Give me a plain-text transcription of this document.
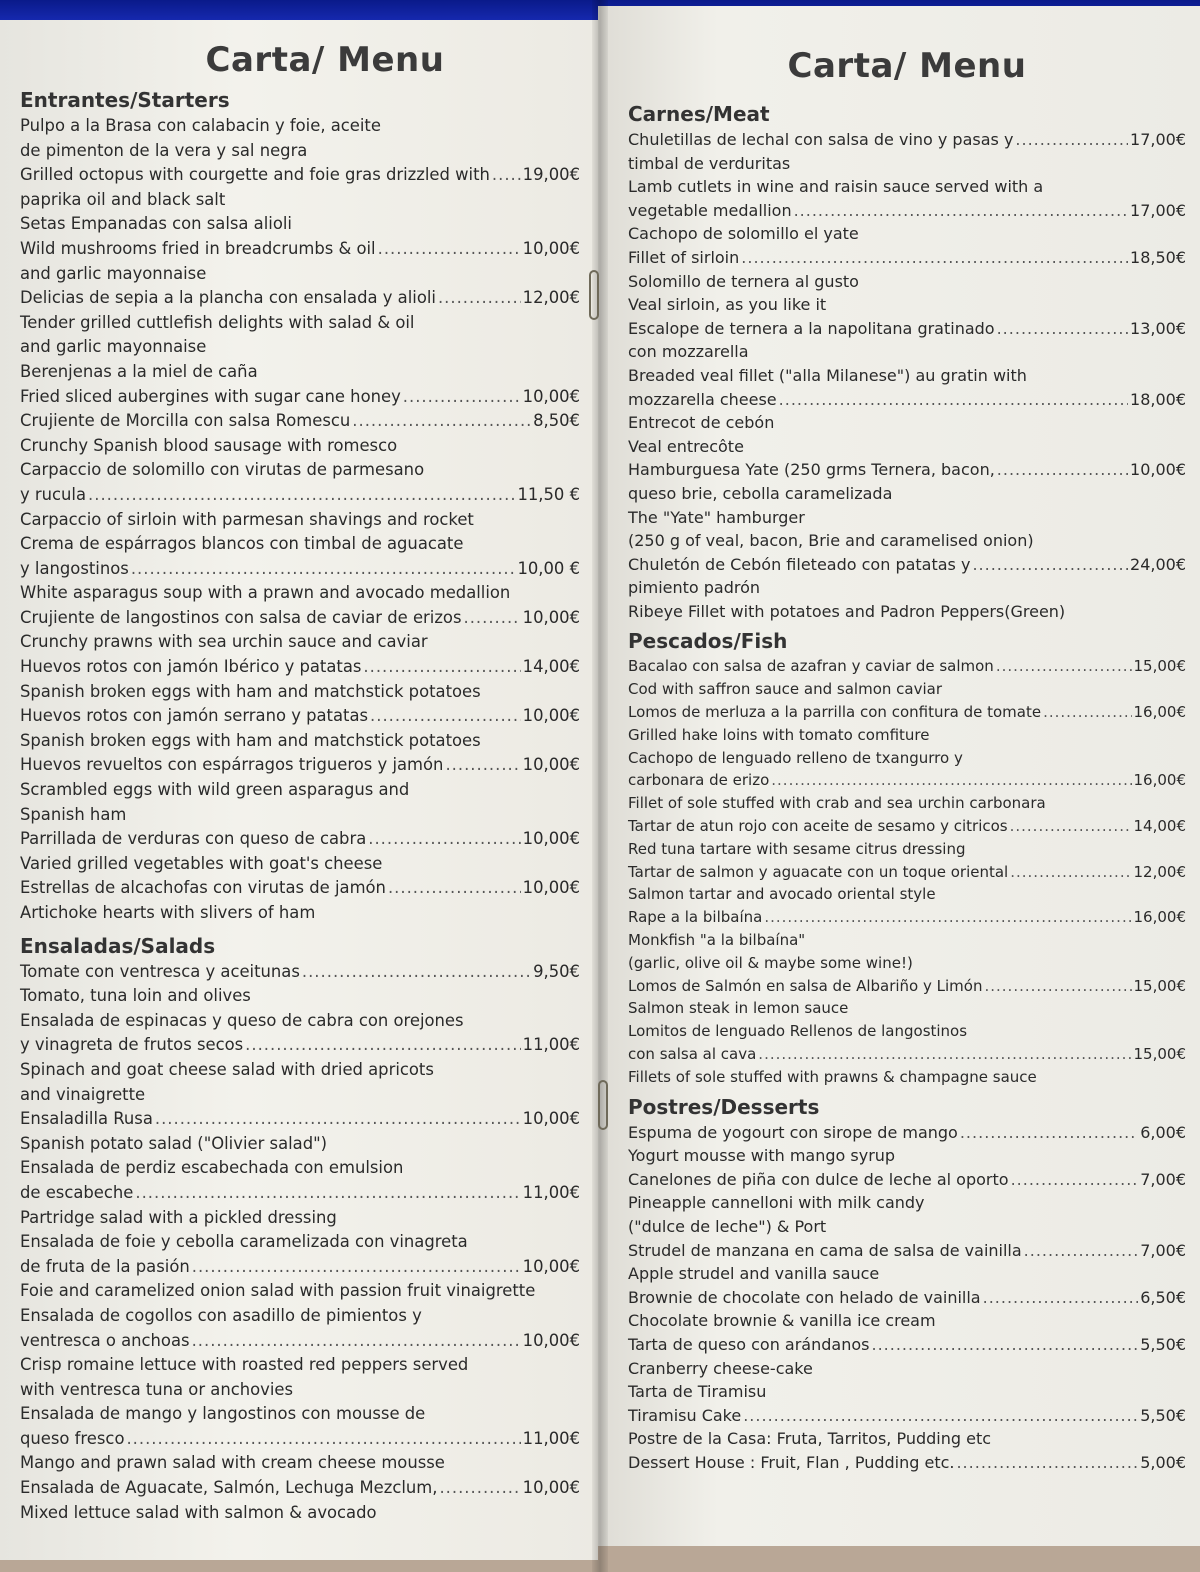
Carta/ Menu
Entrantes/Starters
Pulpo a la Brasa con calabacin y foie, aceite
de pimenton de la vera y sal negra
Grilled octopus with courgette and foie gras drizzled with ..... 19,00€
paprika oil and black salt
Setas Empanadas con salsa alioli
Wild mushrooms fried in breadcrumbs & oil .....	10,00€
and garlic mayonnaise
Delicias de sepia a la plancha con ensalada y alioli .....	12,00€
Tender grilled cuttlefish delights with salad & oil
and garlic mayonnaise
Berenjenas a la miel de caña
Fried sliced aubergines with sugar cane honey .....	10,00€
Crujiente de Morcilla con salsa Romescu .....	8,50€
Crunchy Spanish blood sausage with romesco
Carpaccio de solomillo con virutas de parmesano
y rucula .....	11,50 €
Carpaccio of sirloin with parmesan shavings and rocket
Crema de espárragos blancos con timbal de aguacate
y langostinos .....	10,00 €
White asparagus soup with a prawn and avocado medallion
Crujiente de langostinos con salsa de caviar de erizos .....	10,00€
Crunchy prawns with sea urchin sauce and caviar
Huevos rotos con jamón Ibérico y patatas .....	14,00€
Spanish broken eggs with ham and matchstick potatoes
Huevos rotos con jamón serrano y patatas .....	10,00€
Spanish broken eggs with ham and matchstick potatoes
Huevos revueltos con espárragos trigueros y jamón .....	10,00€
Scrambled eggs with wild green asparagus and
Spanish ham
Parrillada de verduras con queso de cabra .....	10,00€
Varied grilled vegetables with goat's cheese
Estrellas de alcachofas con virutas de jamón .....	10,00€
Artichoke hearts with slivers of ham
Ensaladas/Salads
Tomate con ventresca y aceitunas .....	9,50€
Tomato, tuna loin and olives
Ensalada de espinacas y queso de cabra con orejones
y vinagreta de frutos secos .....	11,00€
Spinach and goat cheese salad with dried apricots
and vinaigrette
Ensaladilla Rusa .....	10,00€
Spanish potato salad ("Olivier salad")
Ensalada de perdiz escabechada con emulsion
de escabeche .....	11,00€
Partridge salad with a pickled dressing
Ensalada de foie y cebolla caramelizada con vinagreta
de fruta de la pasión .....	10,00€
Foie and caramelized onion salad with passion fruit vinaigrette
Ensalada de cogollos con asadillo de pimientos y
ventresca o anchoas .....	10,00€
Crisp romaine lettuce with roasted red peppers served
with ventresca tuna or anchovies
Ensalada de mango y langostinos con mousse de
queso fresco .....	11,00€
Mango and prawn salad with cream cheese mousse
Ensalada de Aguacate, Salmón, Lechuga Mezclum, .....	10,00€
Mixed lettuce salad with salmon & avocado
Carta/ Menu
Carnes/Meat
Chuletillas de lechal con salsa de vino y pasas y .....	17,00€
timbal de verduritas
Lamb cutlets in wine and raisin sauce served with a
vegetable medallion .....	17,00€
Cachopo de solomillo el yate
Fillet of sirloin .....	18,50€
Solomillo de ternera al gusto
Veal sirloin, as you like it
Escalope de ternera a la napolitana gratinado .....	13,00€
con mozzarella
Breaded veal fillet ("alla Milanese") au gratin with
mozzarella cheese .....	18,00€
Entrecot de cebón
Veal entrecôte
Hamburguesa Yate (250 grms Ternera, bacon, .....	10,00€
queso brie, cebolla caramelizada
The "Yate" hamburger
(250 g of veal, bacon, Brie and caramelised onion)
Chuletón de Cebón fileteado con patatas y .....	24,00€
pimiento padrón
Ribeye Fillet with potatoes and Padron Peppers(Green)
Pescados/Fish
Bacalao con salsa de azafran y caviar de salmon .....	15,00€
Cod with saffron sauce and salmon caviar
Lomos de merluza a la parrilla con confitura de tomate .....	16,00€
Grilled hake loins with tomato comfiture
Cachopo de lenguado relleno de txangurro y
carbonara de erizo .....	16,00€
Fillet of sole stuffed with crab and sea urchin carbonara
Tartar de atun rojo con aceite de sesamo y citricos .....	14,00€
Red tuna tartare with sesame citrus dressing
Tartar de salmon y aguacate con un toque oriental .....	12,00€
Salmon tartar and avocado oriental style
Rape a la bilbaína .....	16,00€
Monkfish "a la bilbaína"
(garlic, olive oil & maybe some wine!)
Lomos de Salmón en salsa de Albariño y Limón .....	15,00€
Salmon steak in lemon sauce
Lomitos de lenguado Rellenos de langostinos
con salsa al cava .....	15,00€
Fillets of sole stuffed with prawns & champagne sauce
Postres/Desserts
Espuma de yogourt con sirope de mango .....	6,00€
Yogurt mousse with mango syrup
Canelones de piña con dulce de leche al oporto .....	7,00€
Pineapple cannelloni with milk candy
("dulce de leche") & Port
Strudel de manzana en cama de salsa de vainilla .....	7,00€
Apple strudel and vanilla sauce
Brownie de chocolate con helado de vainilla .....	6,50€
Chocolate brownie & vanilla ice cream
Tarta de queso con arándanos .....	5,50€
Cranberry cheese-cake
Tarta de Tiramisu
Tiramisu Cake .....	5,50€
Postre de la Casa: Fruta, Tarritos, Pudding etc
Dessert House : Fruit, Flan , Pudding etc. .....	5,00€
